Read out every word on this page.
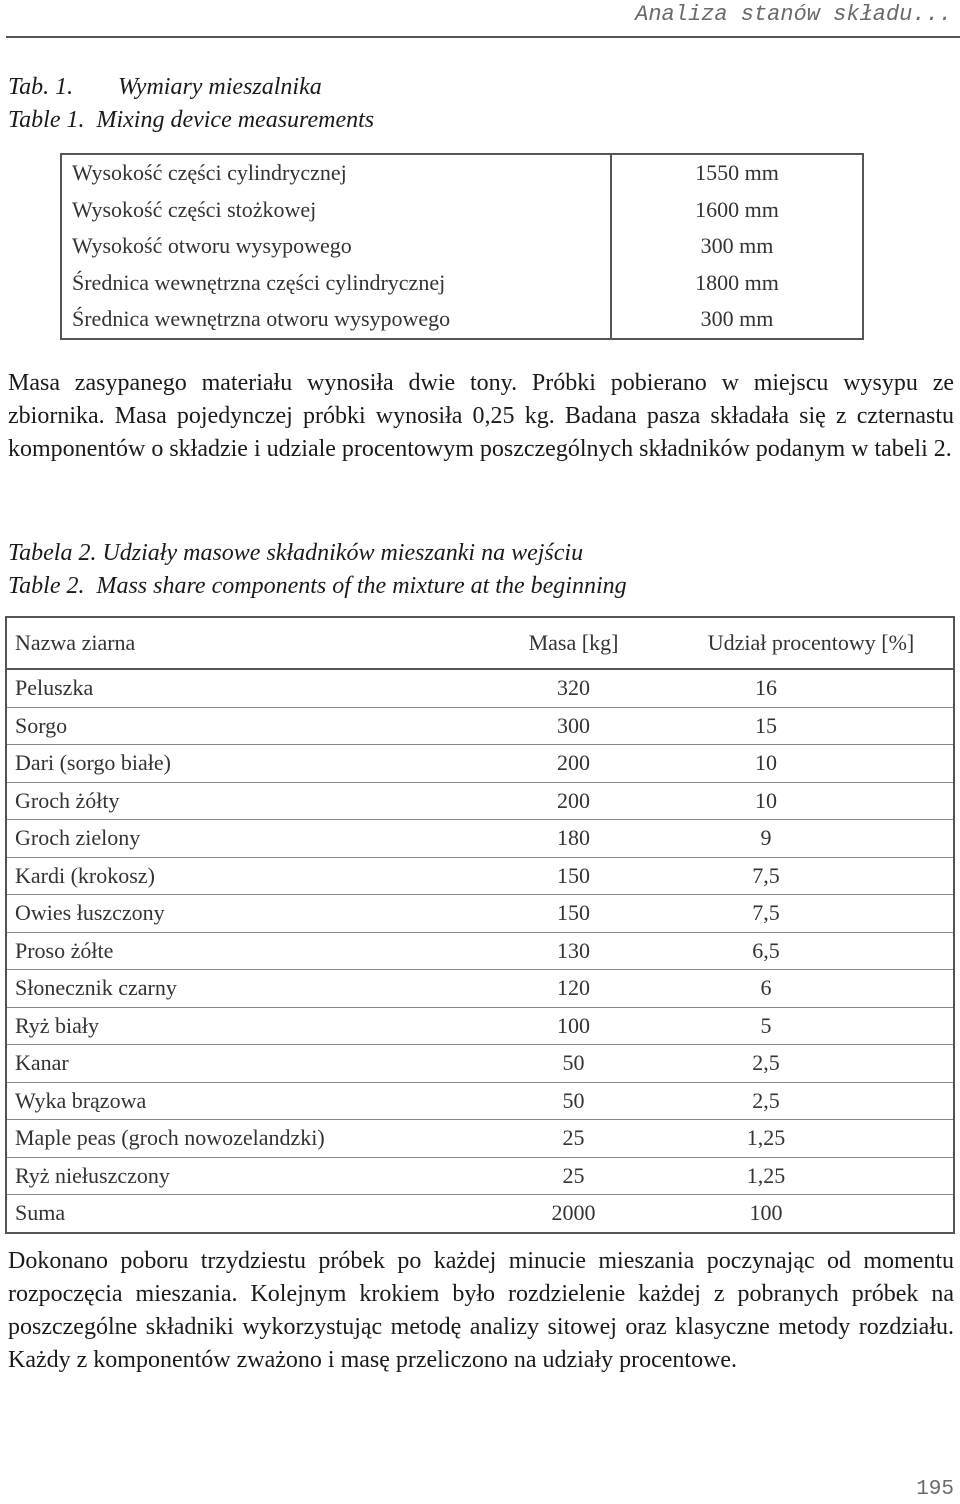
Analiza stanów składu...
Tab. 1. Wymiary mieszalnika
Table 1.  Mixing device measurements
Wysokość części cylindrycznej	1550 mm
Wysokość części stożkowej	1600 mm
Wysokość otworu wysypowego	300 mm
Średnica wewnętrzna części cylindrycznej	1800 mm
Średnica wewnętrzna otworu wysypowego	300 mm

Masa zasypanego materiału wynosiła dwie tony. Próbki pobierano w miejscu wysypu ze zbiornika. Masa pojedynczej próbki wynosiła 0,25 kg. Badana pasza składała się z czternastu komponentów o składzie i udziale procentowym poszczególnych składników podanym w tabeli 2.

Tabela 2. Udziały masowe składników mieszanki na wejściu
Table 2.  Mass share components of the mixture at the beginning
Nazwa ziarna	Masa [kg]	Udział procentowy [%]
Peluszka	320	16
Sorgo	300	15
Dari (sorgo białe)	200	10
Groch żółty	200	10
Groch zielony	180	9
Kardi (krokosz)	150	7,5
Owies łuszczony	150	7,5
Proso żółte	130	6,5
Słonecznik czarny	120	6
Ryż biały	100	5
Kanar	50	2,5
Wyka brązowa	50	2,5
Maple peas (groch nowozelandzki)	25	1,25
Ryż niełuszczony	25	1,25
Suma	2000	100

Dokonano poboru trzydziestu próbek po każdej minucie mieszania poczynając od momentu rozpoczęcia mieszania. Kolejnym krokiem było rozdzielenie każdej z pobranych próbek na poszczególne składniki wykorzystując metodę analizy sitowej oraz klasyczne metody rozdziału. Każdy z komponentów zważono i masę przeliczono na udziały procentowe.

195
